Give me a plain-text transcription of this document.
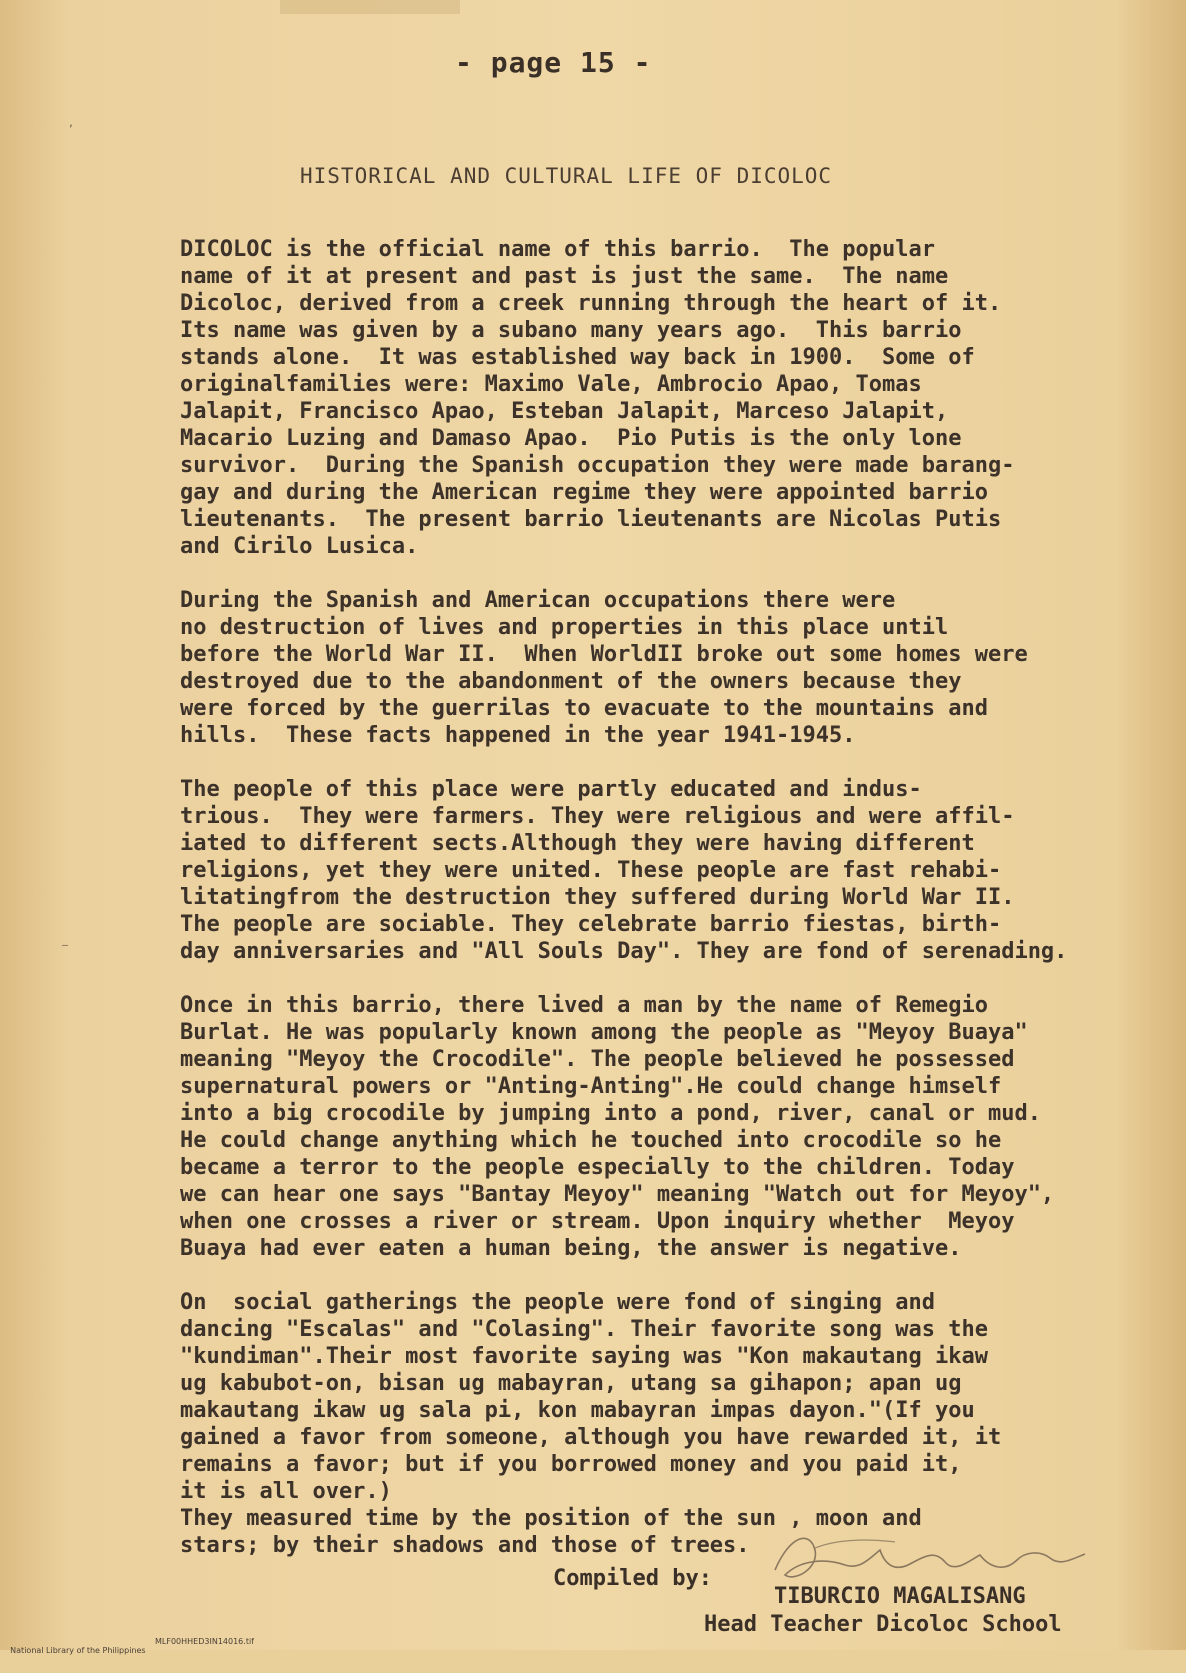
- page 15 -
‚
—
HISTORICAL AND CULTURAL LIFE OF DICOLOC
DICOLOC is the official name of this barrio.  The popular
name of it at present and past is just the same.  The name
Dicoloc, derived from a creek running through the heart of it.
Its name was given by a subano many years ago.  This barrio
stands alone.  It was established way back in 1900.  Some of
originalfamilies were: Maximo Vale, Ambrocio Apao, Tomas
Jalapit, Francisco Apao, Esteban Jalapit, Marceso Jalapit,
Macario Luzing and Damaso Apao.  Pio Putis is the only lone
survivor.  During the Spanish occupation they were made barang-
gay and during the American regime they were appointed barrio
lieutenants.  The present barrio lieutenants are Nicolas Putis
and Cirilo Lusica.
During the Spanish and American occupations there were
no destruction of lives and properties in this place until
before the World War II.  When WorldII broke out some homes were
destroyed due to the abandonment of the owners because they
were forced by the guerrilas to evacuate to the mountains and
hills.  These facts happened in the year 1941-1945.
The people of this place were partly educated and indus-
trious.  They were farmers. They were religious and were affil-
iated to different sects.Although they were having different
religions, yet they were united. These people are fast rehabi-
litatingfrom the destruction they suffered during World War II.
The people are sociable. They celebrate barrio fiestas, birth-
day anniversaries and "All Souls Day". They are fond of serenading.
Once in this barrio, there lived a man by the name of Remegio
Burlat. He was popularly known among the people as "Meyoy Buaya"
meaning "Meyoy the Crocodile". The people believed he possessed
supernatural powers or "Anting-Anting".He could change himself
into a big crocodile by jumping into a pond, river, canal or mud.
He could change anything which he touched into crocodile so he
became a terror to the people especially to the children. Today
we can hear one says "Bantay Meyoy" meaning "Watch out for Meyoy",
when one crosses a river or stream. Upon inquiry whether  Meyoy
Buaya had ever eaten a human being, the answer is negative.
On  social gatherings the people were fond of singing and
dancing "Escalas" and "Colasing". Their favorite song was the
"kundiman".Their most favorite saying was "Kon makautang ikaw
ug kabubot-on, bisan ug mabayran, utang sa gihapon; apan ug
makautang ikaw ug sala pi, kon mabayran impas dayon."(If you
gained a favor from someone, although you have rewarded it, it
remains a favor; but if you borrowed money and you paid it,
it is all over.)
They measured time by the position of the sun , moon and
stars; by their shadows and those of trees.
Compiled by:
TIBURCIO MAGALISANG
Head Teacher Dicoloc School

National Library of the Philippines

MLF00HHED3IN14016.tif
